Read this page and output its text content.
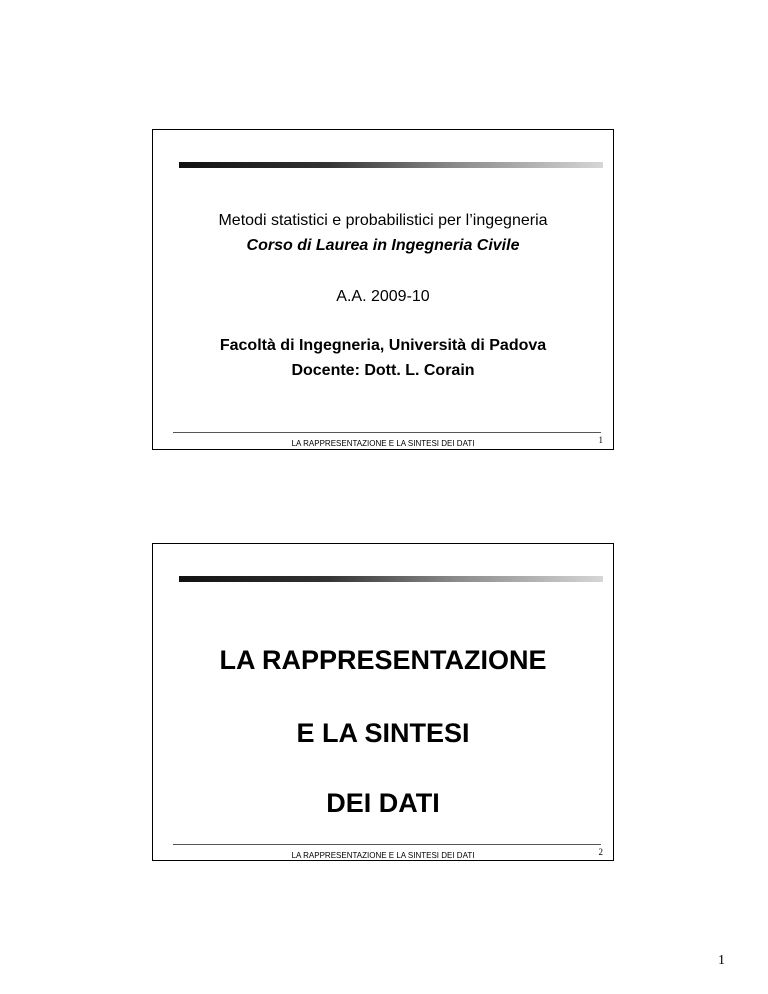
Metodi statistici e probabilistici per l’ingegneria
Corso di Laurea in Ingegneria Civile
A.A. 2009-10
Facoltà di Ingegneria, Università di Padova
Docente: Dott. L. Corain
LA RAPPRESENTAZIONE E LA SINTESI DEI DATI	1
LA RAPPRESENTAZIONE
E LA SINTESI
DEI DATI
LA RAPPRESENTAZIONE E LA SINTESI DEI DATI	2
1
